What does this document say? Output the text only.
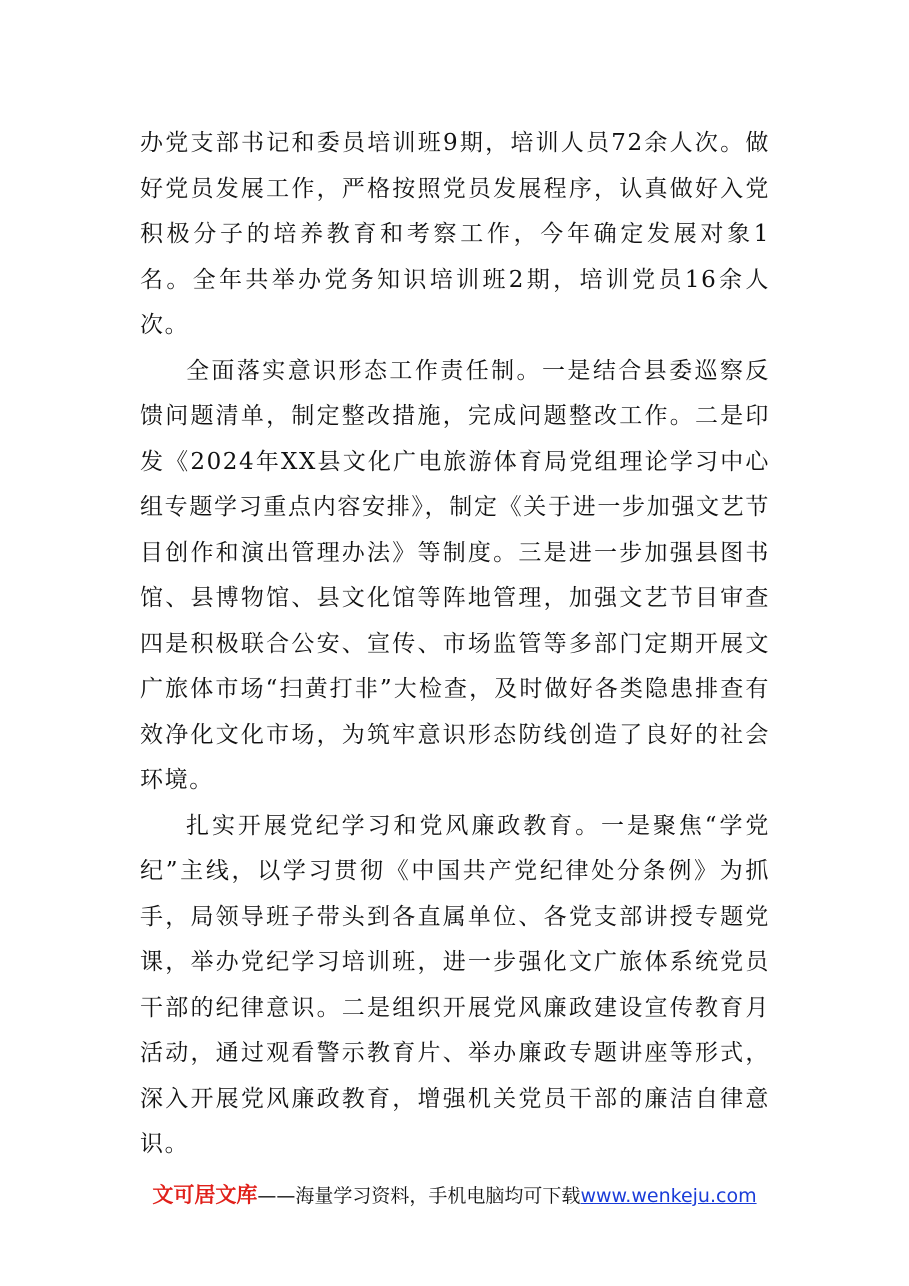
办党支部书记和委员培训班9期，培训人员72余人次。做好党员发展工作，严格按照党员发展程序，认真做好入党积极分子的培养教育和考察工作，今年确定发展对象1名。全年共举办党务知识培训班2期，培训党员16余人次。

全面落实意识形态工作责任制。一是结合县委巡察反馈问题清单，制定整改措施，完成问题整改工作。二是印发《2024年XX县文化广电旅游体育局党组理论学习中心组专题学习重点内容安排》，制定《关于进一步加强文艺节目创作和演出管理办法》等制度。三是进一步加强县图书馆、县博物馆、县文化馆等阵地管理，加强文艺节目审查四是积极联合公安、宣传、市场监管等多部门定期开展文广旅体市场“扫黄打非”大检查，及时做好各类隐患排查有效净化文化市场，为筑牢意识形态防线创造了良好的社会环境。

扎实开展党纪学习和党风廉政教育。一是聚焦“学党纪”主线，以学习贯彻《中国共产党纪律处分条例》为抓手，局领导班子带头到各直属单位、各党支部讲授专题党课，举办党纪学习培训班，进一步强化文广旅体系统党员干部的纪律意识。二是组织开展党风廉政建设宣传教育月活动，通过观看警示教育片、举办廉政专题讲座等形式，深入开展党风廉政教育，增强机关党员干部的廉洁自律意识。

文可居文库——海量学习资料，手机电脑均可下载www.wenkeju.com
